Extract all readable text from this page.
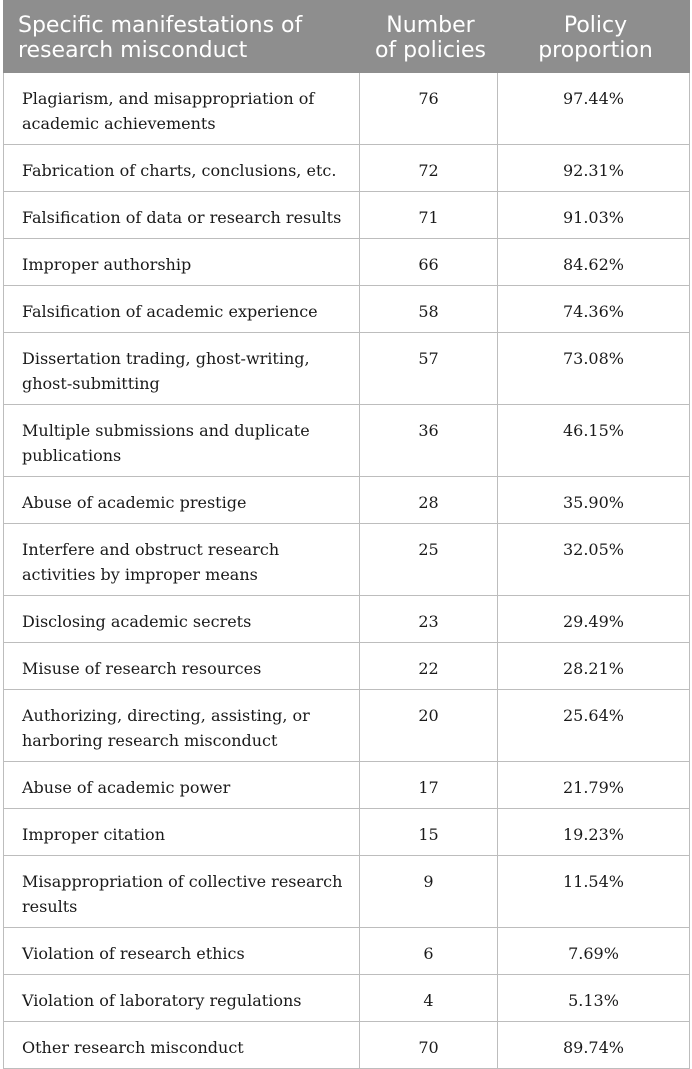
Specific manifestations of research misconduct	Number of policies	Policy proportion
Plagiarism, and misappropriation of academic achievements	76	97.44%
Fabrication of charts, conclusions, etc.	72	92.31%
Falsification of data or research results	71	91.03%
Improper authorship	66	84.62%
Falsification of academic experience	58	74.36%
Dissertation trading, ghost-writing, ghost-submitting	57	73.08%
Multiple submissions and duplicate publications	36	46.15%
Abuse of academic prestige	28	35.90%
Interfere and obstruct research activities by improper means	25	32.05%
Disclosing academic secrets	23	29.49%
Misuse of research resources	22	28.21%
Authorizing, directing, assisting, or harboring research misconduct	20	25.64%
Abuse of academic power	17	21.79%
Improper citation	15	19.23%
Misappropriation of collective research results	9	11.54%
Violation of research ethics	6	7.69%
Violation of laboratory regulations	4	5.13%
Other research misconduct	70	89.74%
